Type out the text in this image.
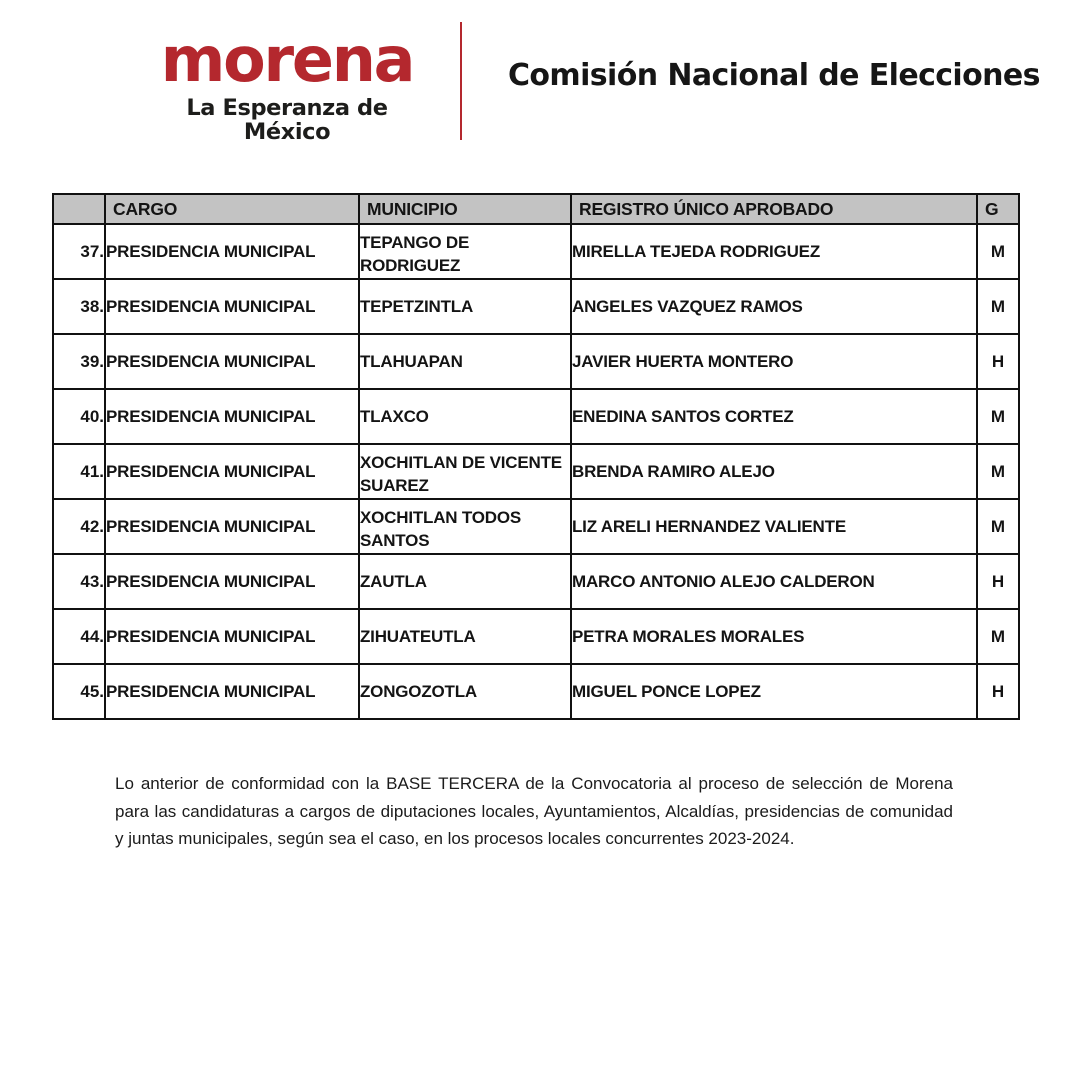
morena
La Esperanza de México
Comisión Nacional de Elecciones
	CARGO	MUNICIPIO	REGISTRO ÚNICO APROBADO	G
37.	PRESIDENCIA MUNICIPAL	TEPANGO DE RODRIGUEZ	MIRELLA TEJEDA RODRIGUEZ	M
38.	PRESIDENCIA MUNICIPAL	TEPETZINTLA	ANGELES VAZQUEZ RAMOS	M
39.	PRESIDENCIA MUNICIPAL	TLAHUAPAN	JAVIER HUERTA MONTERO	H
40.	PRESIDENCIA MUNICIPAL	TLAXCO	ENEDINA SANTOS CORTEZ	M
41.	PRESIDENCIA MUNICIPAL	XOCHITLAN DE VICENTE SUAREZ	BRENDA RAMIRO ALEJO	M
42.	PRESIDENCIA MUNICIPAL	XOCHITLAN TODOS SANTOS	LIZ ARELI HERNANDEZ VALIENTE	M
43.	PRESIDENCIA MUNICIPAL	ZAUTLA	MARCO ANTONIO ALEJO CALDERON	H
44.	PRESIDENCIA MUNICIPAL	ZIHUATEUTLA	PETRA MORALES MORALES	M
45.	PRESIDENCIA MUNICIPAL	ZONGOZOTLA	MIGUEL PONCE LOPEZ	H
Lo anterior de conformidad con la BASE TERCERA de la Convocatoria al proceso de selección de Morena para las candidaturas a cargos de diputaciones locales, Ayuntamientos, Alcaldías, presidencias de comunidad y juntas municipales, según sea el caso, en los procesos locales concurrentes 2023-2024.
